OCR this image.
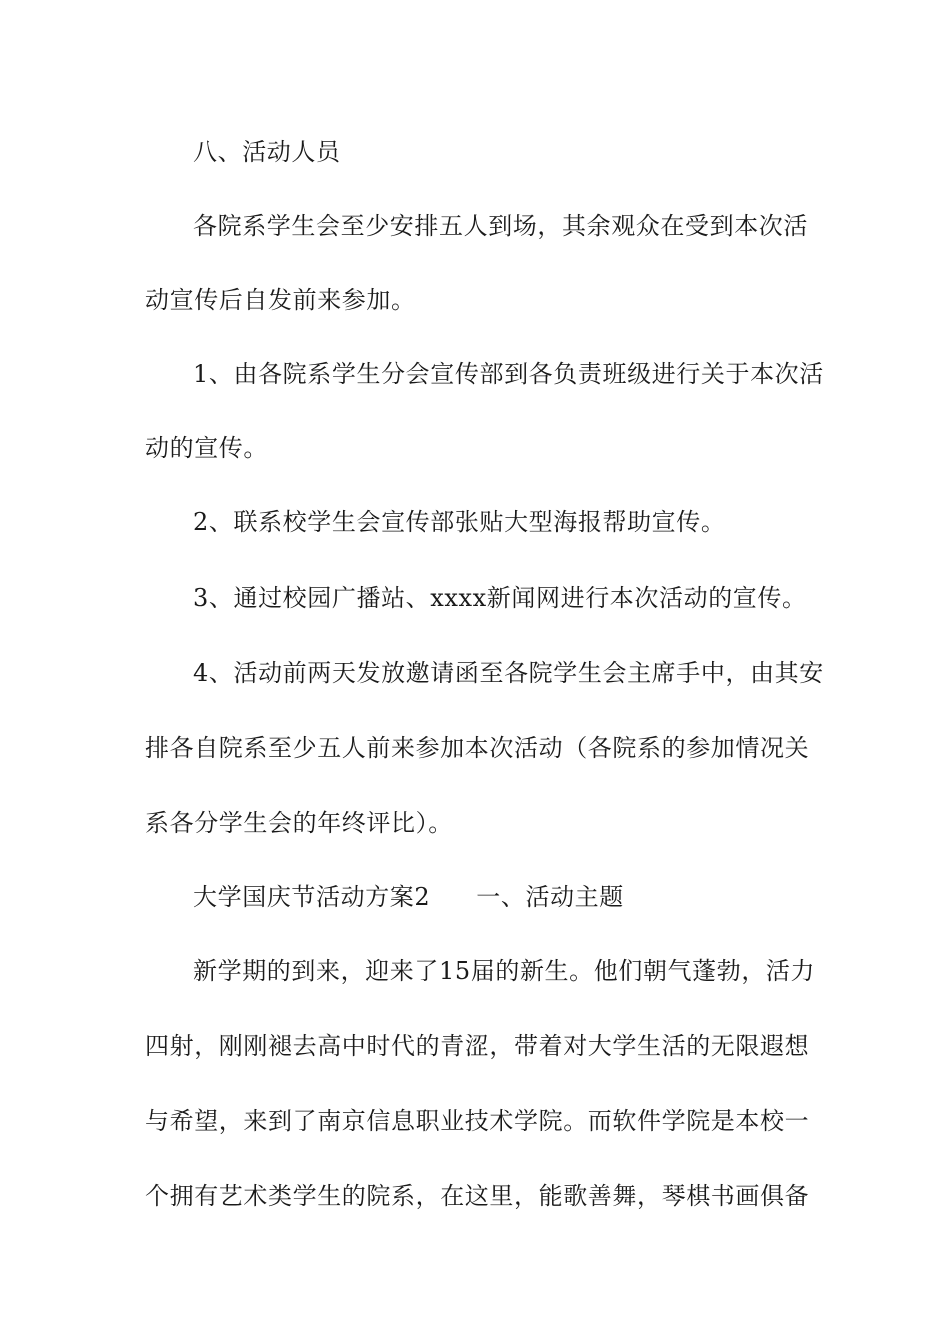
八、活动人员
各院系学生会至少安排五人到场，其余观众在受到本次活
动宣传后自发前来参加。
1、由各院系学生分会宣传部到各负责班级进行关于本次活
动的宣传。
2、联系校学生会宣传部张贴大型海报帮助宣传。
3、通过校园广播站、xxxx新闻网进行本次活动的宣传。
4、活动前两天发放邀请函至各院学生会主席手中，由其安
排各自院系至少五人前来参加本次活动（各院系的参加情况关
系各分学生会的年终评比）。
大学国庆节活动方案2 一、活动主题
新学期的到来，迎来了15届的新生。他们朝气蓬勃，活力
四射，刚刚褪去高中时代的青涩，带着对大学生活的无限遐想
与希望，来到了南京信息职业技术学院。而软件学院是本校一
个拥有艺术类学生的院系，在这里，能歌善舞，琴棋书画俱备
